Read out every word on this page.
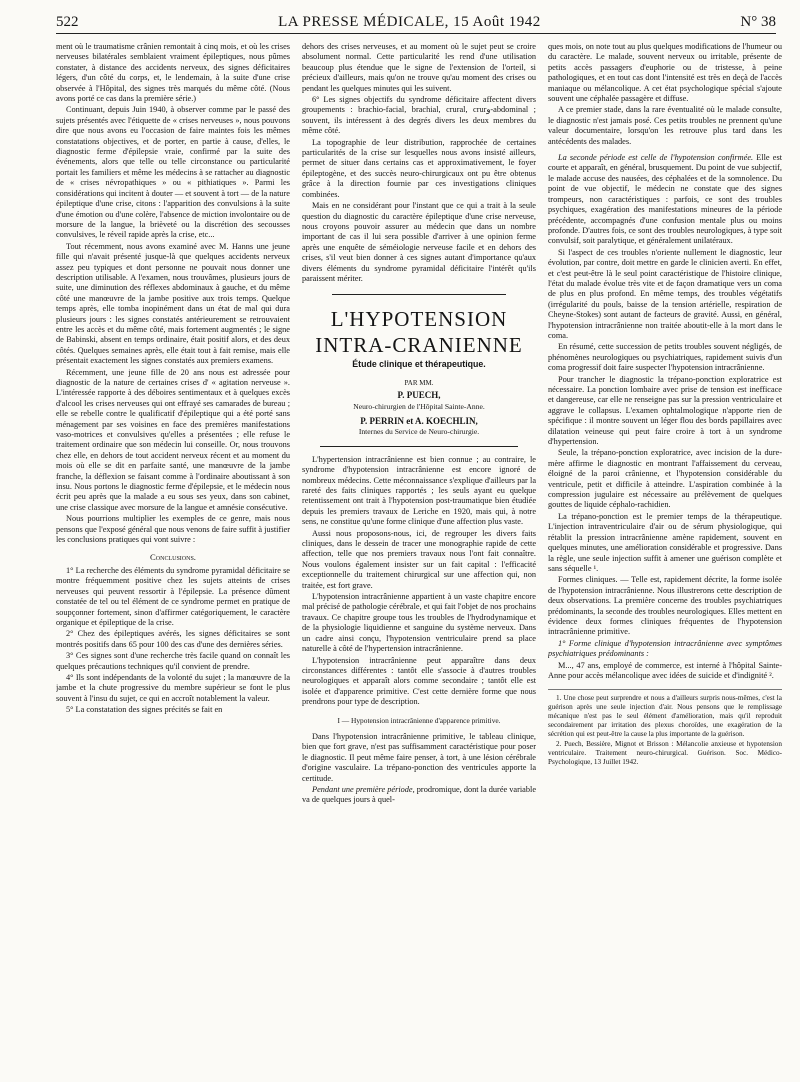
522	LA PRESSE MÉDICALE, 15 Août 1942	N° 38

ment où le traumatisme crânien remontait à cinq mois, et où les crises nerveuses bilatérales semblaient vraiment épileptiques, nous pûmes constater, à distance des accidents nerveux, des signes déficitaires légers, d'un côté du corps, et, le lendemain, à la suite d'une crise observée à l'Hôpital, des signes très marqués du même côté. (Nous avons porté ce cas dans la première série.)

Continuant, depuis Juin 1940, à observer comme par le passé des sujets présentés avec l'étiquette de « crises nerveuses », nous pouvons dire que nous avons eu l'occasion de faire maintes fois les mêmes constatations objectives, et de porter, en partie à cause, d'elles, le diagnostic ferme d'épilepsie vraie, confirmé par la suite des événements, alors que telle ou telle circonstance ou particularité portait les familiers et même les médecins à se rattacher au diagnostic de « crises névropathiques » ou « pithiatiques ». Parmi les considérations qui incitent à douter — et souvent à tort — de la nature épileptique d'une crise, citons : l'apparition des convulsions à la suite d'une émotion ou d'une colère, l'absence de miction involontaire ou de morsure de la langue, la brièveté ou la discrétion des secousses convulsives, le réveil rapide après la crise, etc...

Tout récemment, nous avons examiné avec M. Hanns une jeune fille qui n'avait présenté jusque-là que quelques accidents nerveux assez peu typiques et dont personne ne pouvait nous donner une description utilisable. A l'examen, nous trouvâmes, plusieurs jours de suite, une diminution des réflexes abdominaux à gauche, et du même côté une manœuvre de la jambe positive aux trois temps. Quelque temps après, elle tomba inopinément dans un état de mal qui dura plusieurs jours : les signes constatés antérieurement se retrouvaient entre les accès et du même côté, mais fortement augmentés ; le signe de Babinski, absent en temps ordinaire, était positif alors, et des deux côtés. Quelques semaines après, elle était tout à fait remise, mais elle présentait exactement les signes constatés aux premiers examens.

Récemment, une jeune fille de 20 ans nous est adressée pour diagnostic de la nature de certaines crises d' « agitation nerveuse ». L'intéressée rapporte à des déboires sentimentaux et à quelques excès d'alcool les crises nerveuses qui ont effrayé ses camarades de bureau ; elle se rebelle contre le qualificatif d'épileptique qui a été porté sans ménagement par ses voisines en face des premières manifestations vaso-motrices et convulsives qu'elles a présentées ; elle refuse le traitement ordinaire que son médecin lui conseille. Or, nous trouvons chez elle, en dehors de tout accident nerveux récent et au moment du mois où elle se dit en parfaite santé, une manœuvre de la jambe franche, la déflexion se faisant comme à l'ordinaire aboutissant à son insu. Nous portons le diagnostic ferme d'épilepsie, et le médecin nous écrit peu après que la malade a eu sous ses yeux, dans son cabinet, une crise classique avec morsure de la langue et amnésie consécutive.

Nous pourrions multiplier les exemples de ce genre, mais nous pensons que l'exposé général que nous venons de faire suffit à justifier les conclusions pratiques qui vont suivre :

Conclusions.

1° La recherche des éléments du syndrome pyramidal déficitaire se montre fréquemment positive chez les sujets atteints de crises nerveuses qui peuvent ressortir à l'épilepsie. La présence dûment constatée de tel ou tel élément de ce syndrome permet en pratique de soupçonner fortement, sinon d'affirmer catégoriquement, le caractère organique et épileptique de la crise.

2° Chez des épileptiques avérés, les signes déficitaires se sont montrés positifs dans 65 pour 100 des cas d'une des dernières séries.

3° Ces signes sont d'une recherche très facile quand on connaît les quelques précautions techniques qu'il convient de prendre.

4° Ils sont indépendants de la volonté du sujet ; la manœuvre de la jambe et la chute progressive du membre supérieur se font le plus souvent à l'insu du sujet, ce qui en accroît notablement la valeur.

5° La constatation des signes précités se fait en

dehors des crises nerveuses, et au moment où le sujet peut se croire absolument normal. Cette particularité les rend d'une utilisation beaucoup plus étendue que le signe de l'extension de l'orteil, si précieux d'ailleurs, mais qu'on ne trouve qu'au moment des crises ou pendant les quelques minutes qui les suivent.

6° Les signes objectifs du syndrome déficitaire affectent divers groupements : brachio-facial, brachial, crural, crurو-abdominal ; souvent, ils intéressent à des degrés divers les deux membres du même côté.

La topographie de leur distribution, rapprochée de certaines particularités de la crise sur lesquelles nous avons insisté ailleurs, permet de situer dans certains cas et approximativement, le foyer épileptogène, et des succès neuro-chirurgicaux ont pu être obtenus grâce à la direction fournie par ces investigations cliniques combinées.

Mais en ne considérant pour l'instant que ce qui a trait à la seule question du diagnostic du caractère épileptique d'une crise nerveuse, nous croyons pouvoir assurer au médecin que dans un nombre important de cas il lui sera possible d'arriver à une opinion ferme après une enquête de séméiologie nerveuse facile et en dehors des crises, s'il veut bien donner à ces signes autant d'importance qu'aux divers éléments du syndrome pyramidal déficitaire l'intérêt qu'ils paraissent mériter.

L'HYPOTENSION
INTRA-CRANIENNE
Étude clinique et thérapeutique.
PAR MM.
P. PUECH,
Neuro-chirurgien de l'Hôpital Sainte-Anne.
P. PERRIN et A. KOECHLIN,
Internes du Service de Neuro-chirurgie.

L'hypertension intracrânienne est bien connue ; au contraire, le syndrome d'hypotension intracrânienne est encore ignoré de nombreux médecins. Cette méconnaissance s'explique d'ailleurs par la rareté des faits cliniques rapportés ; les seuls ayant eu quelque retentissement ont trait à l'hypotension post-traumatique bien étudiée depuis les premiers travaux de Leriche en 1920, mais qui, à notre sens, ne constitue qu'une forme clinique d'une affection plus vaste.

Aussi nous proposons-nous, ici, de regrouper les divers faits cliniques, dans le dessein de tracer une monographie rapide de cette affection, telle que nos premiers travaux nous l'ont fait connaître. Nous voulons également insister sur un fait capital : l'efficacité exceptionnelle du traitement chirurgical sur une affection qui, non traitée, est fort grave.

L'hypotension intracrânienne appartient à un vaste chapitre encore mal précisé de pathologie cérébrale, et qui fait l'objet de nos prochains travaux. Ce chapitre groupe tous les troubles de l'hydrodynamique et de la physiologie liquidienne et sanguine du système nerveux. Dans un cadre ainsi conçu, l'hypotension ventriculaire prend sa place naturelle à côté de l'hypertension intracrânienne.

L'hypotension intracrânienne peut apparaître dans deux circonstances différentes : tantôt elle s'associe à d'autres troubles neurologiques et apparaît alors comme secondaire ; tantôt elle est isolée et d'apparence primitive. C'est cette dernière forme que nous prendrons pour type de description.

I — Hypotension intracrânienne d'apparence primitive.

Dans l'hypotension intracrânienne primitive, le tableau clinique, bien que fort grave, n'est pas suffisamment caractéristique pour poser le diagnostic. Il peut même faire penser, à tort, à une lésion cérébrale d'origine vasculaire. La trépano-ponction des ventricules apporte la certitude.

Pendant une première période, prodromique, dont la durée variable va de quelques jours à quel-

ques mois, on note tout au plus quelques modifications de l'humeur ou du caractère. Le malade, souvent nerveux ou irritable, présente de petits accès passagers d'euphorie ou de tristesse, à peine pathologiques, et en tout cas dont l'intensité est très en deçà de l'accès maniaque ou mélancolique. A cet état psychologique spécial s'ajoute souvent une céphalée passagère et diffuse.

A ce premier stade, dans la rare éventualité où le malade consulte, le diagnostic n'est jamais posé. Ces petits troubles ne prennent qu'une valeur documentaire, lorsqu'on les retrouve plus tard dans les antécédents des malades.

La seconde période est celle de l'hypotension confirmée. Elle est courte et apparaît, en général, brusquement. Du point de vue subjectif, le malade accuse des nausées, des céphalées et de la somnolence. Du point de vue objectif, le médecin ne constate que des signes trompeurs, non caractéristiques : parfois, ce sont des troubles psychiques, exagération des manifestations mineures de la période précédente, accompagnés d'une confusion mentale plus ou moins profonde. D'autres fois, ce sont des troubles neurologiques, à type soit convulsif, soit paralytique, et généralement unilatéraux.

Si l'aspect de ces troubles n'oriente nullement le diagnostic, leur évolution, par contre, doit mettre en garde le clinicien averti. En effet, et c'est peut-être là le seul point caractéristique de l'histoire clinique, l'état du malade évolue très vite et de façon dramatique vers un coma de plus en plus profond. En même temps, des troubles végétatifs (irrégularité du pouls, baisse de la tension artérielle, respiration de Cheyne-Stokes) sont autant de facteurs de gravité. Aussi, en général, l'hypotension intracrânienne non traitée aboutit-elle à la mort dans le coma.

En résumé, cette succession de petits troubles souvent négligés, de phénomènes neurologiques ou psychiatriques, rapidement suivis d'un coma progressif doit faire suspecter l'hypotension intracrânienne.

Pour trancher le diagnostic la trépano-ponction exploratrice est nécessaire. La ponction lombaire avec prise de tension est inefficace et dangereuse, car elle ne renseigne pas sur la pression ventriculaire et aggrave le collapsus. L'examen ophtalmologique n'apporte rien de spécifique : il montre souvent un léger flou des bords papillaires avec dilatation veineuse qui peut faire croire à tort à un syndrome d'hypertension.

Seule, la trépano-ponction exploratrice, avec incision de la dure-mère affirme le diagnostic en montrant l'affaissement du cerveau, éloigné de la paroi crânienne, et l'hypotension considérable du ventricule, petit et difficile à atteindre. L'aspiration combinée à la compression jugulaire est nécessaire au prélèvement de quelques gouttes de liquide céphalo-rachidien.

La trépano-ponction est le premier temps de la thérapeutique. L'injection intraventriculaire d'air ou de sérum physiologique, qui rétablit la pression intracrânienne amène rapidement, souvent en quelques minutes, une amélioration considérable et progressive. Dans la règle, une seule injection suffit à amener une guérison complète et sans séquelle ¹.

Formes cliniques. — Telle est, rapidement décrite, la forme isolée de l'hypotension intracrânienne. Nous illustrerons cette description de deux observations. La première concerne des troubles psychiatriques prédominants, la seconde des troubles neurologiques. Elles mettent en évidence deux formes cliniques fréquentes de l'hypotension intracrânienne primitive.

1° Forme clinique d'hypotension intracrânienne avec symptômes psychiatriques prédominants :

M..., 47 ans, employé de commerce, est interné à l'hôpital Sainte-Anne pour accès mélancolique avec idées de suicide et d'indignité ².

1. Une chose peut surprendre et nous a d'ailleurs surpris nous-mêmes, c'est la guérison après une seule injection d'air. Nous pensons que le remplissage mécanique n'est pas le seul élément d'amélioration, mais qu'il reproduit secondairement par irritation des plexus choroïdes, une exagération de la sécrétion qui est peut-être la cause la plus importante de la guérison.

2. Puech, Bessière, Mignot et Brisson : Mélancolie anxieuse et hypotension ventriculaire. Traitement neuro-chirurgical. Guérison. Soc. Médico-Psychologique, 13 Juillet 1942.
